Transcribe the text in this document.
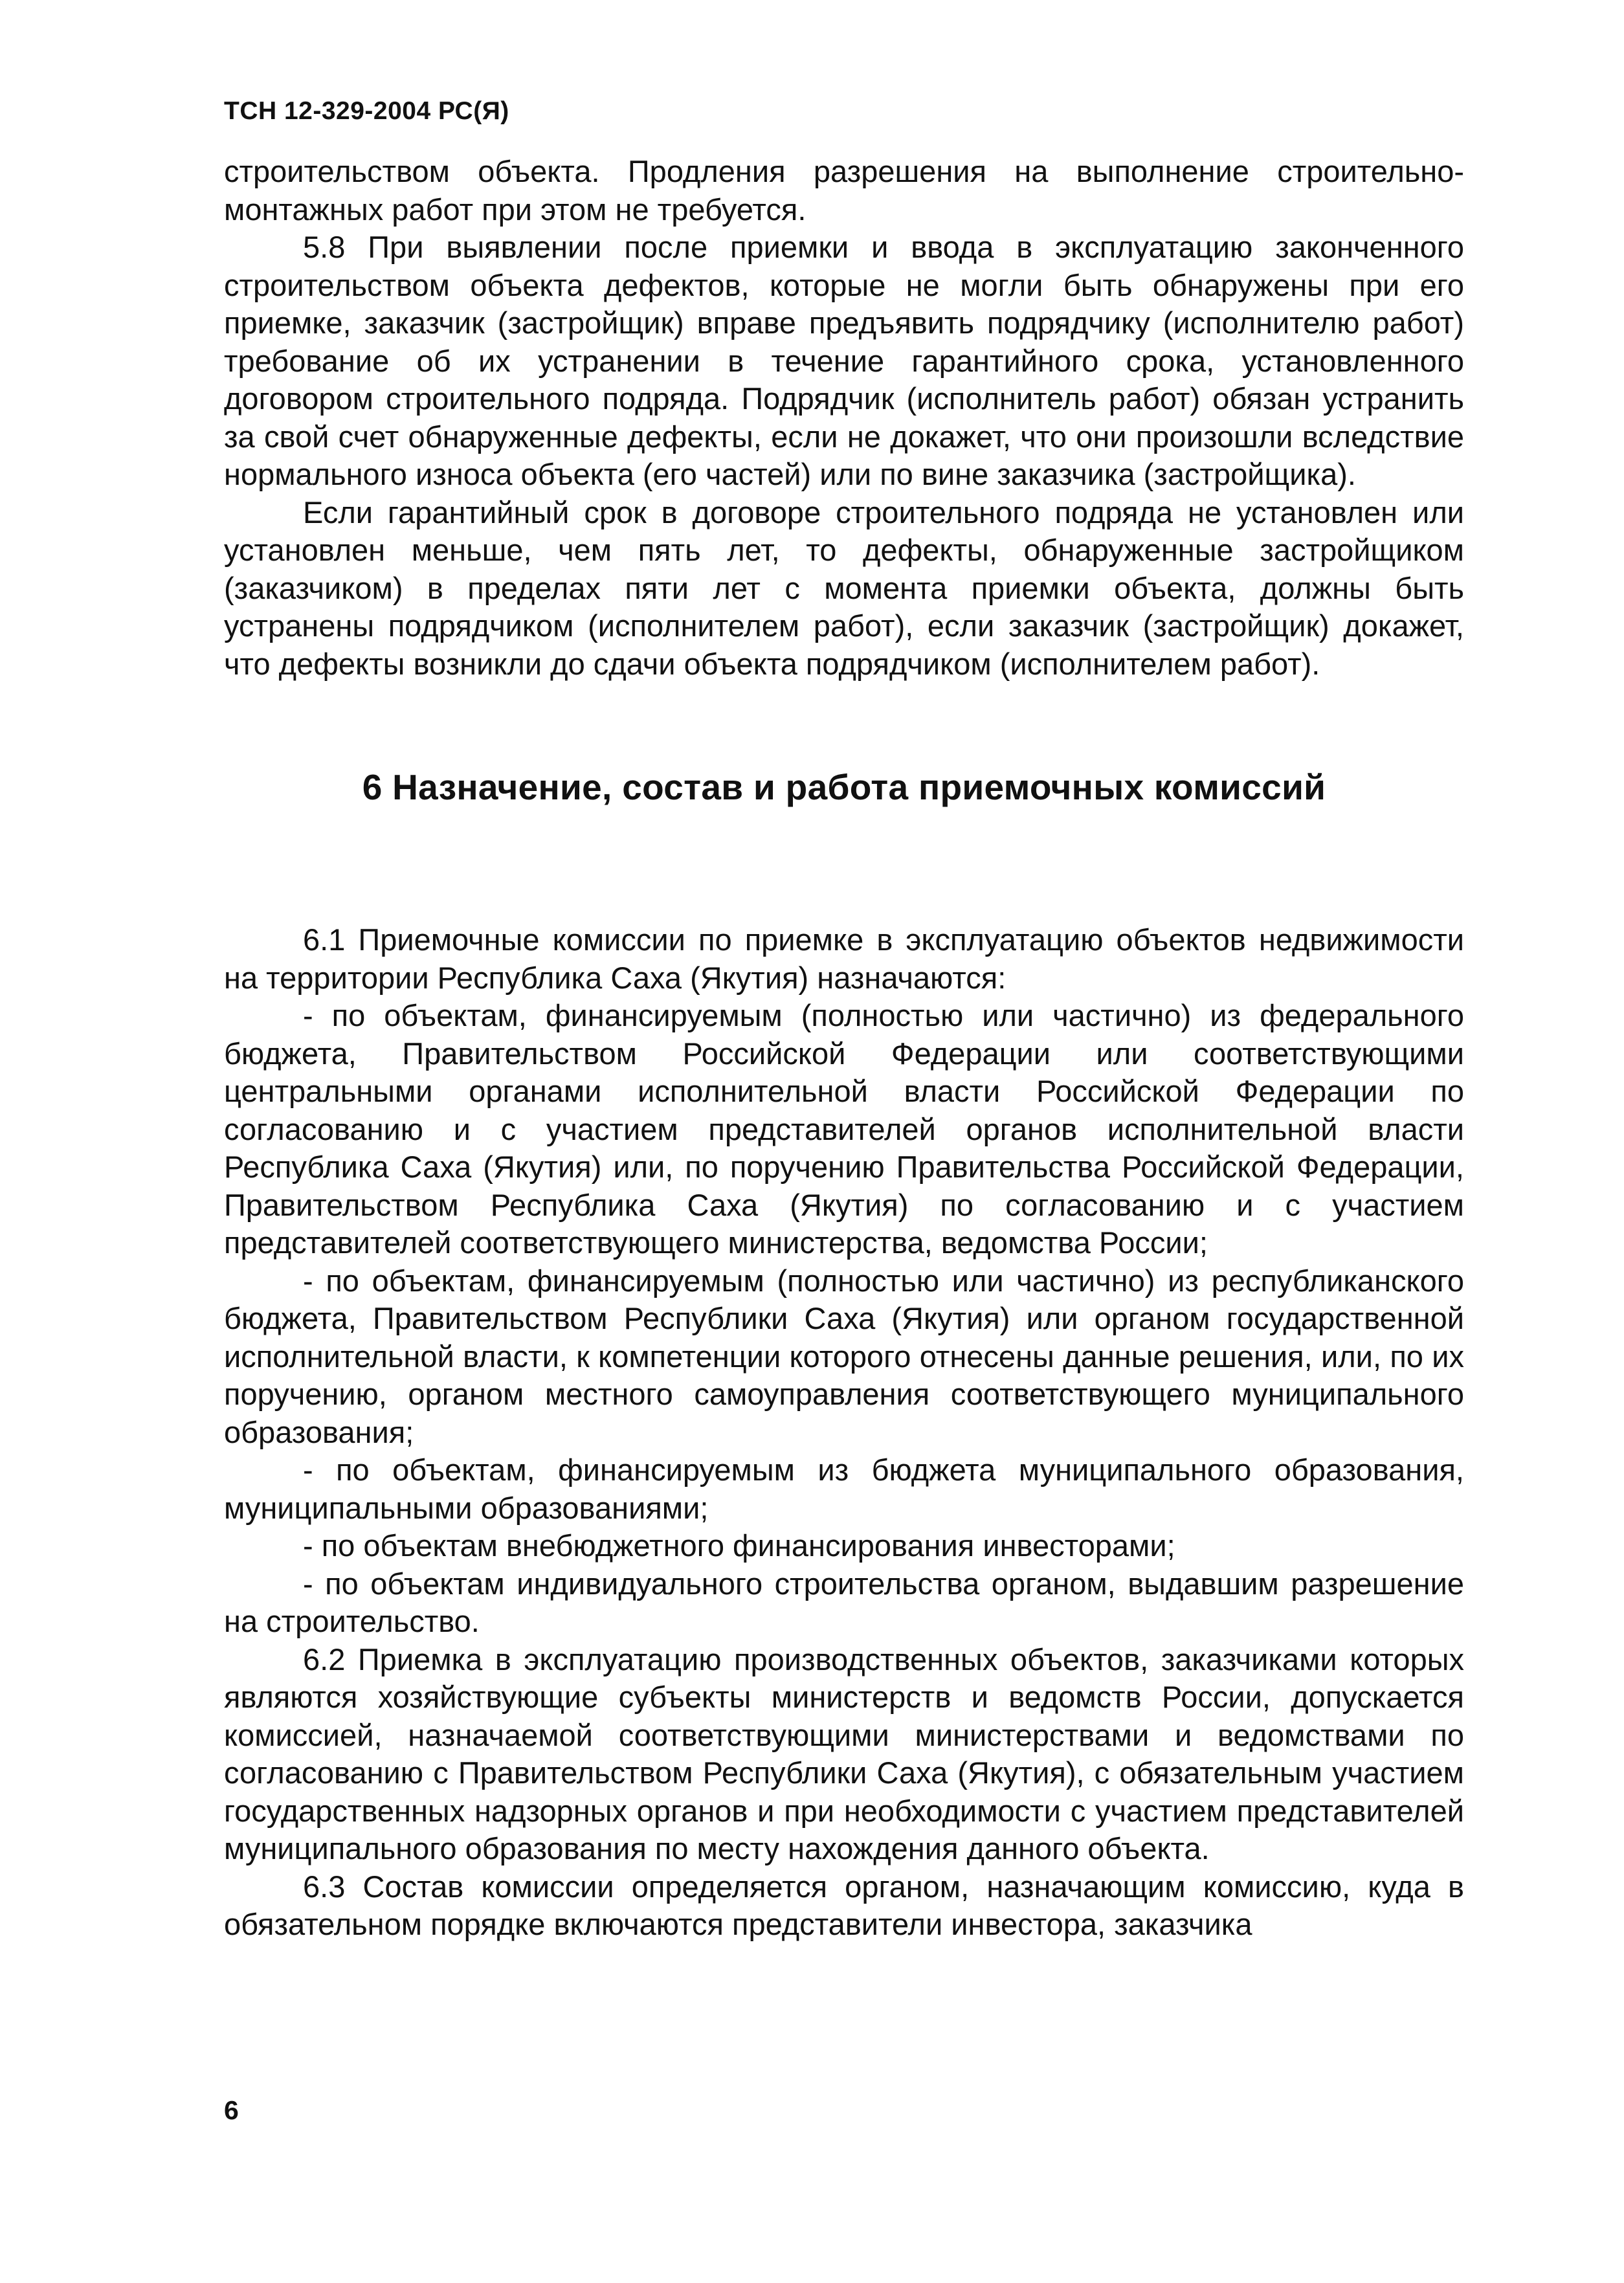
ТСН 12-329-2004 РС(Я)

строительством объекта. Продления разрешения на выполнение строительно-монтажных работ при этом не требуется.

5.8 При выявлении после приемки и ввода в эксплуатацию законченного строительством объекта дефектов, которые не могли быть обнаружены при его приемке, заказчик (застройщик) вправе предъявить подрядчику (исполнителю работ) требование об их устранении в течение гарантийного срока, установленного договором строительного подряда. Подрядчик (исполнитель работ) обязан устранить за свой счет обнаруженные дефекты, если не докажет, что они произошли вследствие нормального износа объекта (его частей) или по вине заказчика (застройщика).

Если гарантийный срок в договоре строительного подряда не установлен или установлен меньше, чем пять лет, то дефекты, обнаруженные застройщиком (заказчиком) в пределах пяти лет с момента приемки объекта, должны быть устранены подрядчиком (исполнителем работ), если заказчик (застройщик) докажет, что дефекты возникли до сдачи объекта подрядчиком (исполнителем работ).

6 Назначение, состав и работа приемочных комиссий

6.1 Приемочные комиссии по приемке в эксплуатацию объектов недвижимости на территории Республика Саха (Якутия) назначаются:

- по объектам, финансируемым (полностью или частично) из федерального бюджета, Правительством Российской Федерации или соответствующими центральными органами исполнительной власти Российской Федерации по согласованию и с участием представителей органов исполнительной власти Республика Саха (Якутия) или, по поручению Правительства Российской Федерации, Правительством Республика Саха (Якутия) по согласованию и с участием представителей соответствующего министерства, ведомства России;

- по объектам, финансируемым (полностью или частично) из республиканского бюджета, Правительством Республики Саха (Якутия) или органом государственной исполнительной власти, к компетенции которого отнесены данные решения, или, по их поручению, органом местного самоуправления соответствующего муниципального образования;

- по объектам, финансируемым из бюджета муниципального образования, муниципальными образованиями;

- по объектам внебюджетного финансирования инвесторами;

- по объектам индивидуального строительства органом, выдавшим разрешение на строительство.

6.2 Приемка в эксплуатацию производственных объектов, заказчиками которых являются хозяйствующие субъекты министерств и ведомств России, допускается комиссией, назначаемой соответствующими министерствами и ведомствами по согласованию с Правительством Республики Саха (Якутия), с обязательным участием государственных надзорных органов и при необходимости с участием представителей муниципального образования по месту нахождения данного объекта.

6.3 Состав комиссии определяется органом, назначающим комиссию, куда в обязательном порядке включаются представители инвестора, заказчика

6
